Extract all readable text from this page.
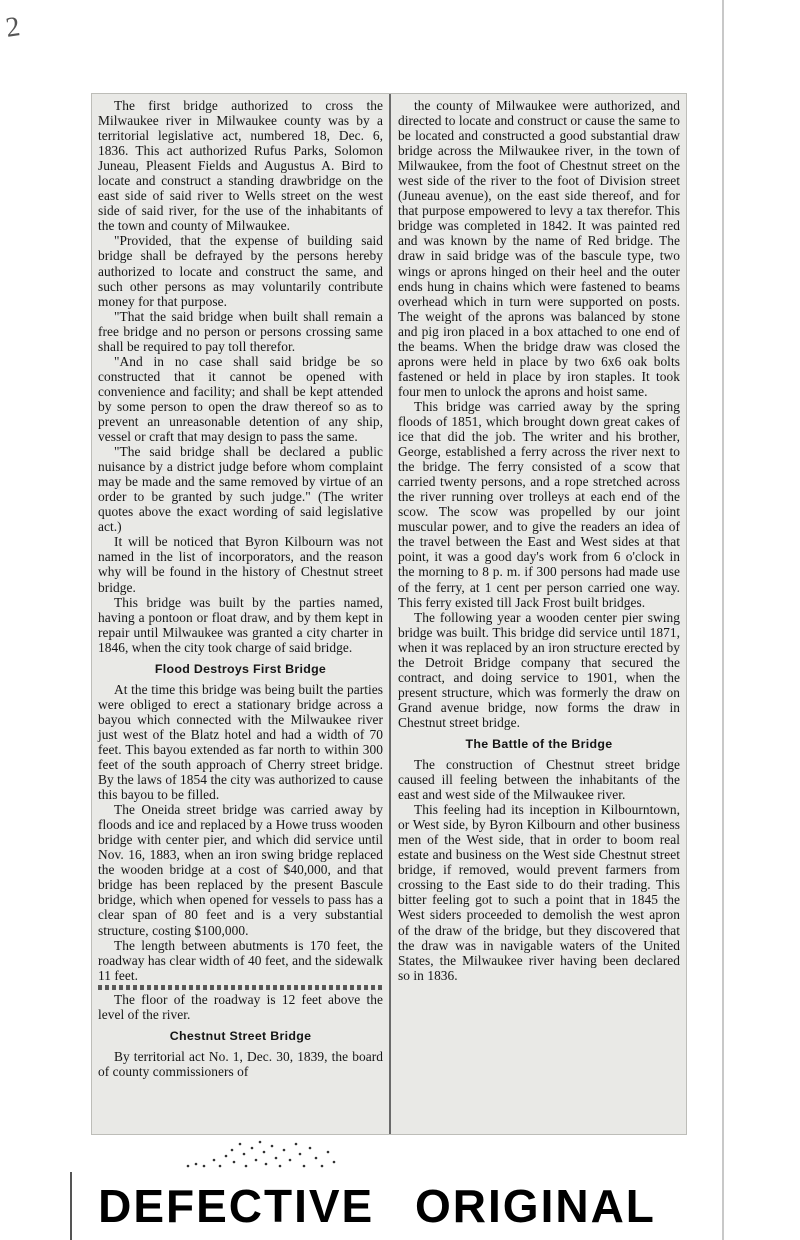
2

The first bridge authorized to cross the Milwaukee river in Milwaukee county was by a territorial legislative act, numbered 18, Dec. 6, 1836. This act authorized Rufus Parks, Solomon Juneau, Pleasent Fields and Augustus A. Bird to locate and construct a standing drawbridge on the east side of said river to Wells street on the west side of said river, for the use of the inhabitants of the town and county of Milwaukee.

"Provided, that the expense of building said bridge shall be defrayed by the persons hereby authorized to locate and construct the same, and such other persons as may voluntarily contribute money for that purpose.

"That the said bridge when built shall remain a free bridge and no person or persons crossing same shall be required to pay toll therefor.

"And in no case shall said bridge be so constructed that it cannot be opened with convenience and facility; and shall be kept attended by some person to open the draw thereof so as to prevent an unreasonable detention of any ship, vessel or craft that may design to pass the same.

"The said bridge shall be declared a public nuisance by a district judge before whom complaint may be made and the same removed by virtue of an order to be granted by such judge." (The writer quotes above the exact wording of said legislative act.)

It will be noticed that Byron Kilbourn was not named in the list of incorporators, and the reason why will be found in the history of Chestnut street bridge.

This bridge was built by the parties named, having a pontoon or float draw, and by them kept in repair until Milwaukee was granted a city charter in 1846, when the city took charge of said bridge.

Flood Destroys First Bridge

At the time this bridge was being built the parties were obliged to erect a stationary bridge across a bayou which connected with the Milwaukee river just west of the Blatz hotel and had a width of 70 feet. This bayou extended as far north to within 300 feet of the south approach of Cherry street bridge. By the laws of 1854 the city was authorized to cause this bayou to be filled.

The Oneida street bridge was carried away by floods and ice and replaced by a Howe truss wooden bridge with center pier, and which did service until Nov. 16, 1883, when an iron swing bridge replaced the wooden bridge at a cost of $40,000, and that bridge has been replaced by the present Bascule bridge, which when opened for vessels to pass has a clear span of 80 feet and is a very substantial structure, costing $100,000.

The length between abutments is 170 feet, the roadway has clear width of 40 feet, and the sidewalk 11 feet.

The floor of the roadway is 12 feet above the level of the river.

Chestnut Street Bridge

By territorial act No. 1, Dec. 30, 1839, the board of county commissioners of

the county of Milwaukee were authorized, and directed to locate and construct or cause the same to be located and constructed a good substantial draw bridge across the Milwaukee river, in the town of Milwaukee, from the foot of Chestnut street on the west side of the river to the foot of Division street (Juneau avenue), on the east side thereof, and for that purpose empowered to levy a tax therefor. This bridge was completed in 1842. It was painted red and was known by the name of Red bridge. The draw in said bridge was of the bascule type, two wings or aprons hinged on their heel and the outer ends hung in chains which were fastened to beams overhead which in turn were supported on posts. The weight of the aprons was balanced by stone and pig iron placed in a box attached to one end of the beams. When the bridge draw was closed the aprons were held in place by two 6x6 oak bolts fastened or held in place by iron staples. It took four men to unlock the aprons and hoist same.

This bridge was carried away by the spring floods of 1851, which brought down great cakes of ice that did the job. The writer and his brother, George, established a ferry across the river next to the bridge. The ferry consisted of a scow that carried twenty persons, and a rope stretched across the river running over trolleys at each end of the scow. The scow was propelled by our joint muscular power, and to give the readers an idea of the travel between the East and West sides at that point, it was a good day's work from 6 o'clock in the morning to 8 p. m. if 300 persons had made use of the ferry, at 1 cent per person carried one way. This ferry existed till Jack Frost built bridges.

The following year a wooden center pier swing bridge was built. This bridge did service until 1871, when it was replaced by an iron structure erected by the Detroit Bridge company that secured the contract, and doing service to 1901, when the present structure, which was formerly the draw on Grand avenue bridge, now forms the draw in Chestnut street bridge.

The Battle of the Bridge

The construction of Chestnut street bridge caused ill feeling between the inhabitants of the east and west side of the Milwaukee river.

This feeling had its inception in Kilbourntown, or West side, by Byron Kilbourn and other business men of the West side, that in order to boom real estate and business on the West side Chestnut street bridge, if removed, would prevent farmers from crossing to the East side to do their trading. This bitter feeling got to such a point that in 1845 the West siders proceeded to demolish the west apron of the draw of the bridge, but they discovered that the draw was in navigable waters of the United States, the Milwaukee river having been declared so in 1836.

DEFECTIVE ORIGINAL
